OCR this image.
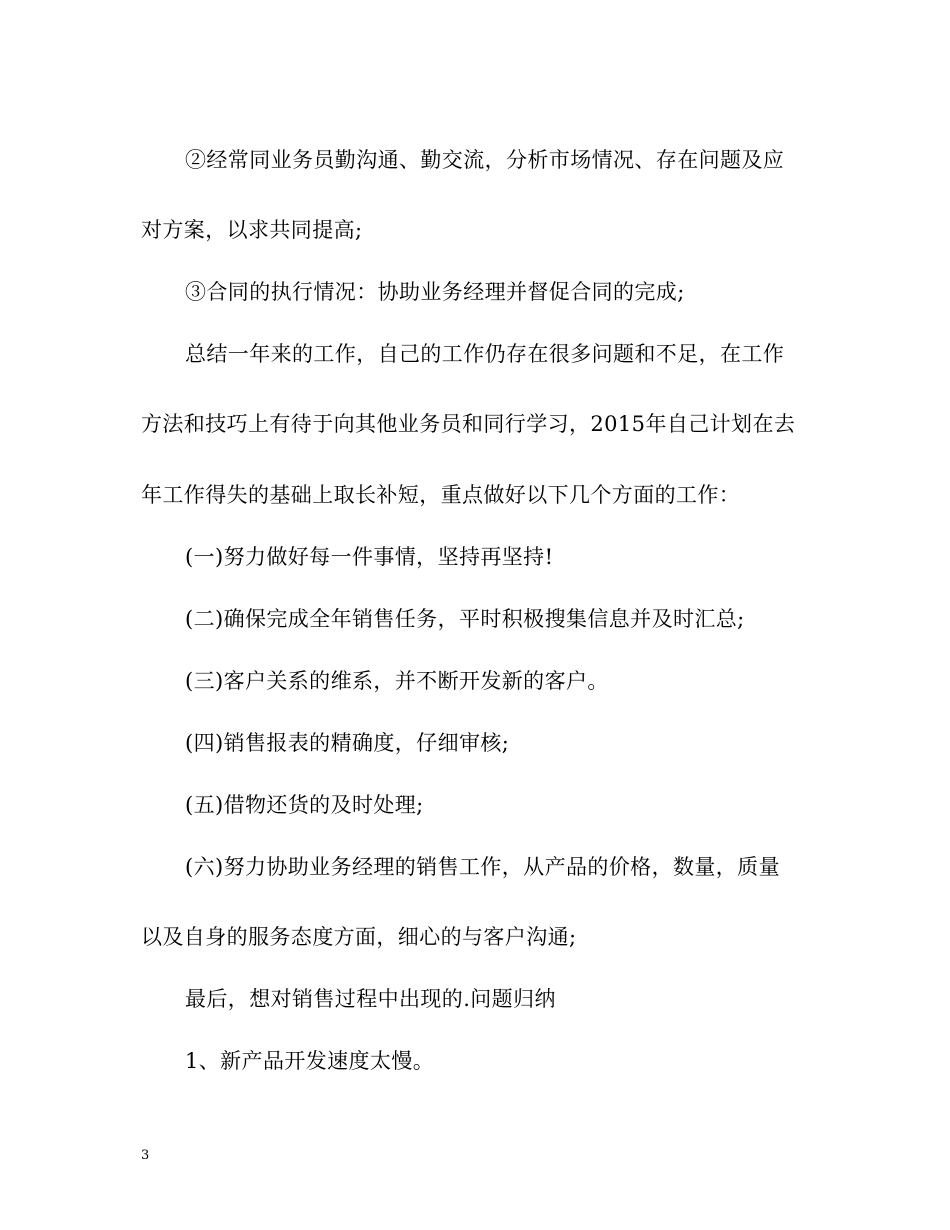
②经常同业务员勤沟通、勤交流，分析市场情况、存在问题及应
对方案，以求共同提高;
③合同的执行情况：协助业务经理并督促合同的完成;
总结一年来的工作，自己的工作仍存在很多问题和不足，在工作
方法和技巧上有待于向其他业务员和同行学习，2015年自己计划在去
年工作得失的基础上取长补短，重点做好以下几个方面的工作：
(一)努力做好每一件事情，坚持再坚持!
(二)确保完成全年销售任务，平时积极搜集信息并及时汇总;
(三)客户关系的维系，并不断开发新的客户。
(四)销售报表的精确度，仔细审核;
(五)借物还货的及时处理;
(六)努力协助业务经理的销售工作，从产品的价格，数量，质量
以及自身的服务态度方面，细心的与客户沟通;
最后，想对销售过程中出现的.问题归纳
1、新产品开发速度太慢。
3
